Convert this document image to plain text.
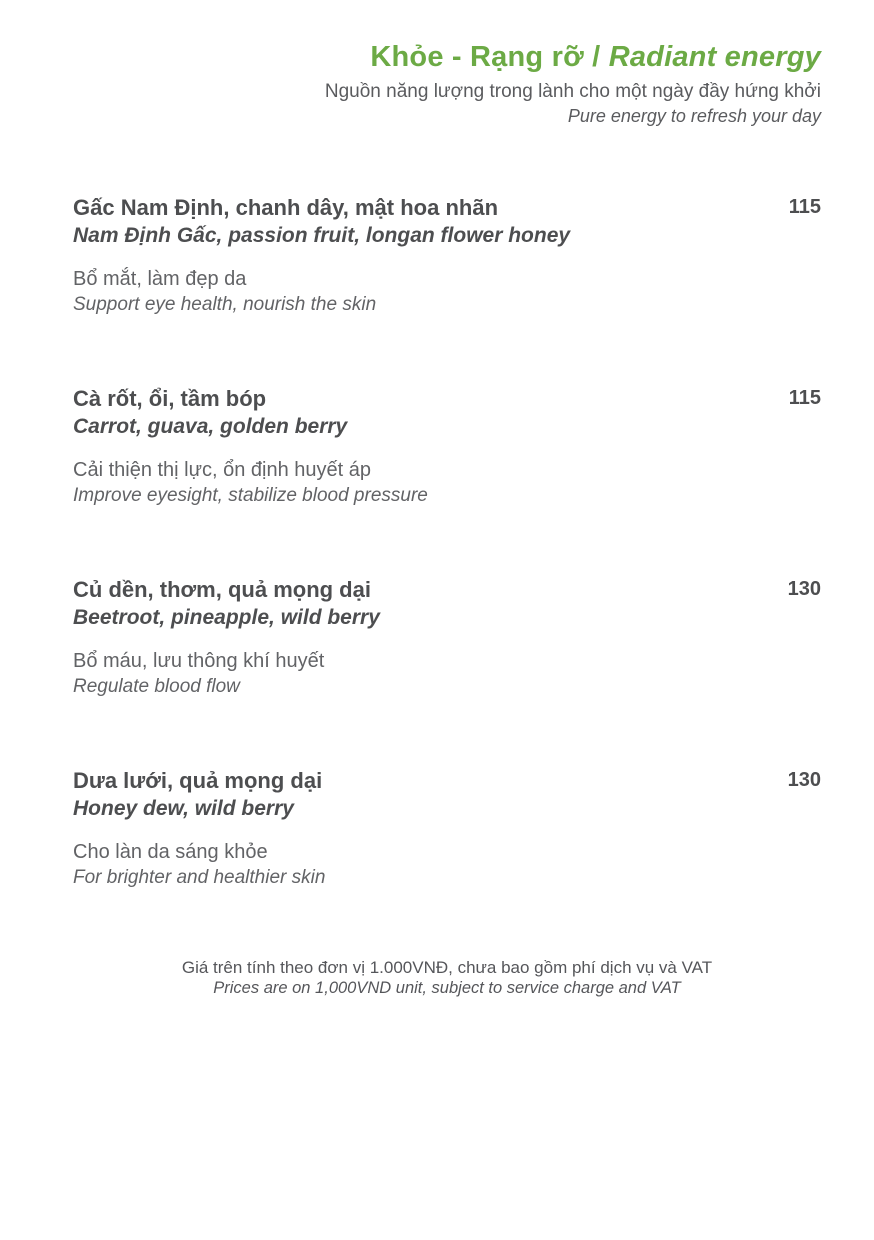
Khỏe - Rạng rỡ / Radiant energy
Nguồn năng lượng trong lành cho một ngày đầy hứng khởi
Pure energy to refresh your day
Gấc Nam Định, chanh dây, mật hoa nhãn	115
Nam Định Gấc, passion fruit, longan flower honey
Bổ mắt, làm đẹp da
Support eye health, nourish the skin
Cà rốt, ổi, tầm bóp	115
Carrot, guava, golden berry
Cải thiện thị lực, ổn định huyết áp
Improve eyesight, stabilize blood pressure
Củ dền, thơm, quả mọng dại	130
Beetroot, pineapple, wild berry
Bổ máu, lưu thông khí huyết
Regulate blood flow
Dưa lưới, quả mọng dại	130
Honey dew, wild berry
Cho làn da sáng khỏe
For brighter and healthier skin
Giá trên tính theo đơn vị 1.000VNĐ, chưa bao gồm phí dịch vụ và VAT
Prices are on 1,000VND unit, subject to service charge and VAT
